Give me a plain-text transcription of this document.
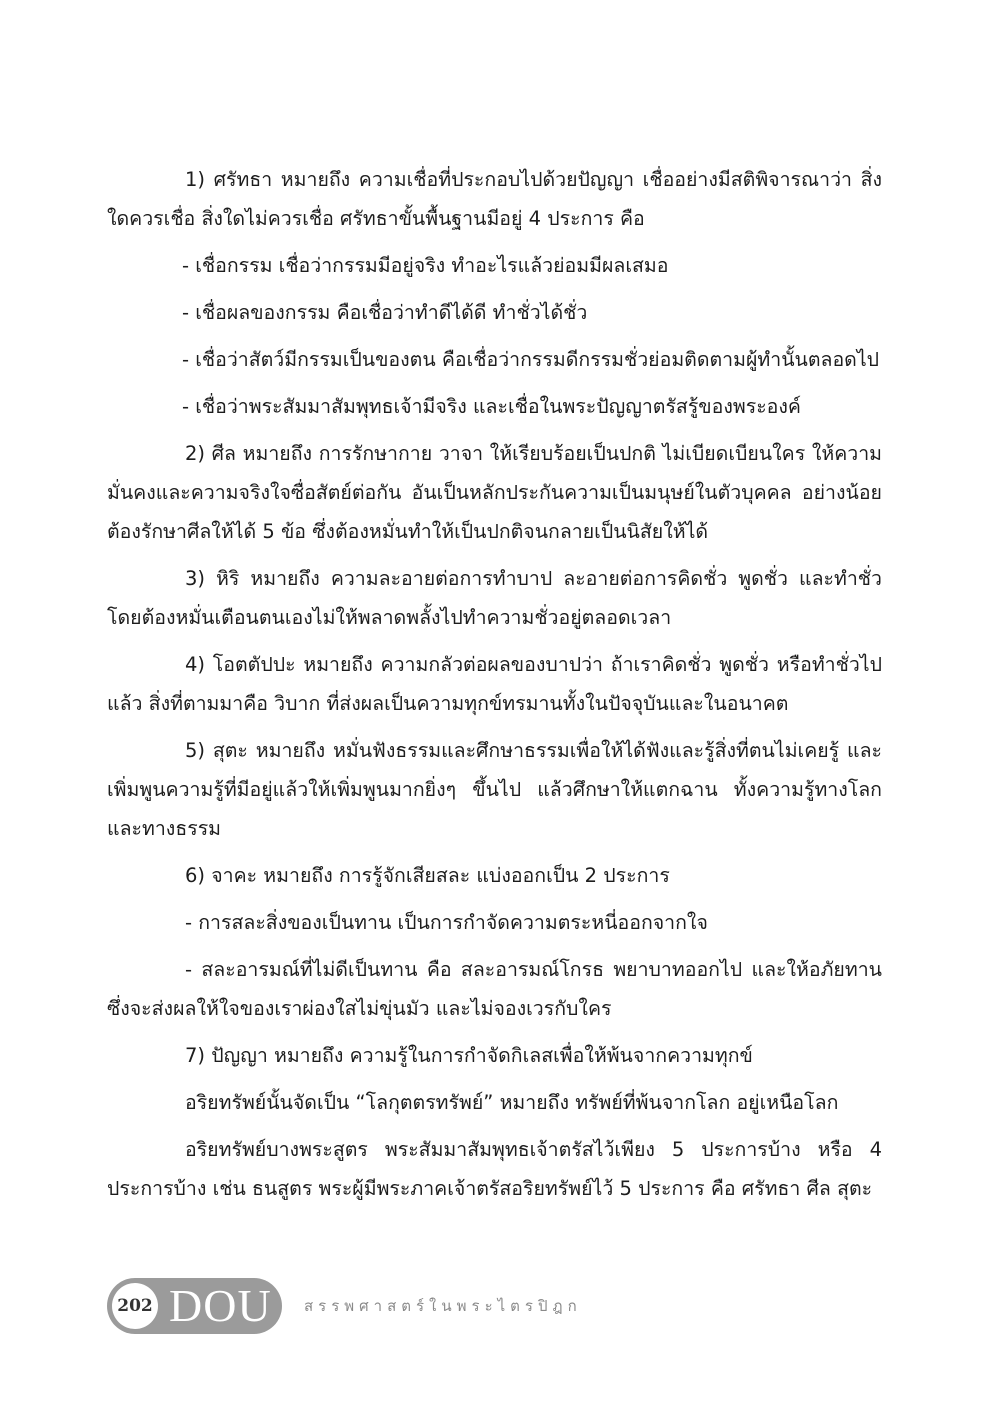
1) ศรัทธา หมายถึง ความเชื่อที่ประกอบไปด้วยปัญญา เชื่ออย่างมีสติพิจารณาว่า สิ่งใดควรเชื่อ สิ่งใดไม่ควรเชื่อ ศรัทธาขั้นพื้นฐานมีอยู่ 4 ประการ คือ

- เชื่อกรรม เชื่อว่ากรรมมีอยู่จริง ทำอะไรแล้วย่อมมีผลเสมอ

- เชื่อผลของกรรม คือเชื่อว่าทำดีได้ดี ทำชั่วได้ชั่ว

- เชื่อว่าสัตว์มีกรรมเป็นของตน คือเชื่อว่ากรรมดีกรรมชั่วย่อมติดตามผู้ทำนั้นตลอดไป

- เชื่อว่าพระสัมมาสัมพุทธเจ้ามีจริง และเชื่อในพระปัญญาตรัสรู้ของพระองค์

2) ศีล หมายถึง การรักษากาย วาจา ให้เรียบร้อยเป็นปกติ ไม่เบียดเบียนใคร ให้ความมั่นคงและความจริงใจซื่อสัตย์ต่อกัน อันเป็นหลักประกันความเป็นมนุษย์ในตัวบุคคล อย่างน้อยต้องรักษาศีลให้ได้ 5 ข้อ ซึ่งต้องหมั่นทำให้เป็นปกติจนกลายเป็นนิสัยให้ได้

3) หิริ หมายถึง ความละอายต่อการทำบาป ละอายต่อการคิดชั่ว พูดชั่ว และทำชั่ว โดยต้องหมั่นเตือนตนเองไม่ให้พลาดพลั้งไปทำความชั่วอยู่ตลอดเวลา

4) โอตตัปปะ หมายถึง ความกลัวต่อผลของบาปว่า ถ้าเราคิดชั่ว พูดชั่ว หรือทำชั่วไปแล้ว สิ่งที่ตามมาคือ วิบาก ที่ส่งผลเป็นความทุกข์ทรมานทั้งในปัจจุบันและในอนาคต

5) สุตะ หมายถึง หมั่นฟังธรรมและศึกษาธรรมเพื่อให้ได้ฟังและรู้สิ่งที่ตนไม่เคยรู้ และเพิ่มพูนความรู้ที่มีอยู่แล้วให้เพิ่มพูนมากยิ่งๆ ขึ้นไป แล้วศึกษาให้แตกฉาน ทั้งความรู้ทางโลกและทางธรรม

6) จาคะ หมายถึง การรู้จักเสียสละ แบ่งออกเป็น 2 ประการ

- การสละสิ่งของเป็นทาน เป็นการกำจัดความตระหนี่ออกจากใจ

- สละอารมณ์ที่ไม่ดีเป็นทาน คือ สละอารมณ์โกรธ พยาบาทออกไป และให้อภัยทานซึ่งจะส่งผลให้ใจของเราผ่องใสไม่ขุ่นมัว และไม่จองเวรกับใคร

7) ปัญญา หมายถึง ความรู้ในการกำจัดกิเลสเพื่อให้พ้นจากความทุกข์

อริยทรัพย์นั้นจัดเป็น “โลกุตตรทรัพย์” หมายถึง ทรัพย์ที่พ้นจากโลก อยู่เหนือโลก

อริยทรัพย์บางพระสูตร พระสัมมาสัมพุทธเจ้าตรัสไว้เพียง 5 ประการบ้าง หรือ 4 ประการบ้าง เช่น ธนสูตร พระผู้มีพระภาคเจ้าตรัสอริยทรัพย์ไว้ 5 ประการ คือ ศรัทธา ศีล สุตะ

202 DOU สรรพศาสตร์ในพระไตรปิฎก
